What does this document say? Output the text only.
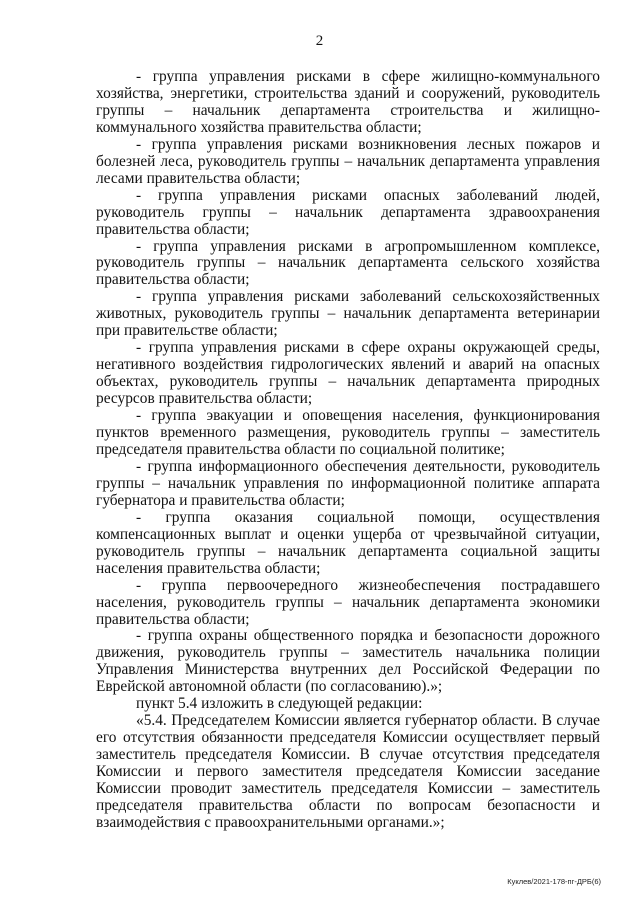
2

- группа управления рисками в сфере жилищно-коммунального хозяйства, энергетики, строительства зданий и сооружений, руководитель группы – начальник департамента строительства и жилищно-коммунального хозяйства правительства области;

- группа управления рисками возникновения лесных пожаров и болезней леса, руководитель группы – начальник департамента управления лесами правительства области;

- группа управления рисками опасных заболеваний людей, руководитель группы – начальник департамента здравоохранения правительства области;

- группа управления рисками в агропромышленном комплексе, руководитель группы – начальник департамента сельского хозяйства правительства области;

- группа управления рисками заболеваний сельскохозяйственных животных, руководитель группы – начальник департамента ветеринарии при правительстве области;

- группа управления рисками в сфере охраны окружающей среды, негативного воздействия гидрологических явлений и аварий на опасных объектах, руководитель группы – начальник департамента природных ресурсов правительства области;

- группа эвакуации и оповещения населения, функционирования пунктов временного размещения, руководитель группы – заместитель председателя правительства области по социальной политике;

- группа информационного обеспечения деятельности, руководитель группы – начальник управления по информационной политике аппарата губернатора и правительства области;

- группа оказания социальной помощи, осуществления компенсационных выплат и оценки ущерба от чрезвычайной ситуации, руководитель группы – начальник департамента социальной защиты населения правительства области;

- группа первоочередного жизнеобеспечения пострадавшего населения, руководитель группы – начальник департамента экономики правительства области;

- группа охраны общественного порядка и безопасности дорожного движения, руководитель группы – заместитель начальника полиции Управления Министерства внутренних дел Российской Федерации по Еврейской автономной области (по согласованию).»;

пункт 5.4 изложить в следующей редакции:

«5.4. Председателем Комиссии является губернатор области. В случае его отсутствия обязанности председателя Комиссии осуществляет первый заместитель председателя Комиссии. В случае отсутствия председателя Комиссии и первого заместителя председателя Комиссии заседание Комиссии проводит заместитель председателя Комиссии – заместитель председателя правительства области по вопросам безопасности и взаимодействия с правоохранительными органами.»;

Куклев/2021-178-пг-ДРБ(6)
